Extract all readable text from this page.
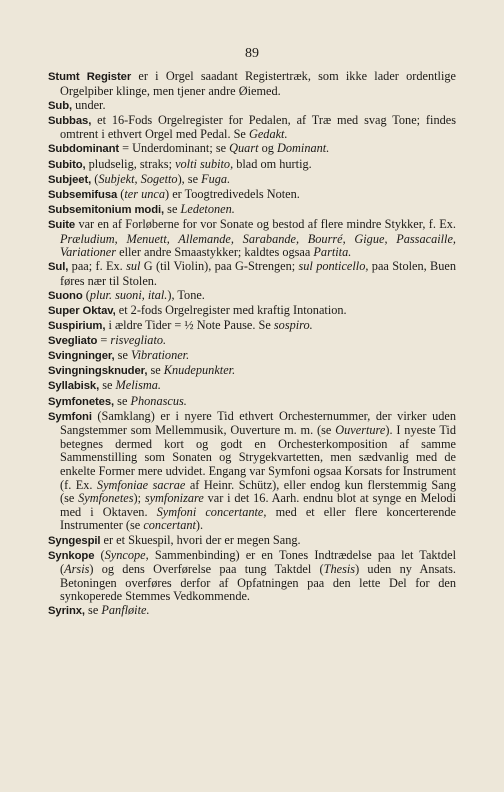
89

Stumt Register er i Orgel saadant Registertræk, som ikke lader ordentlige Orgelpiber klinge, men tjener andre Øiemed.

Sub, under.

Subbas, et 16-Fods Orgelregister for Pedalen, af Træ med svag Tone; findes omtrent i ethvert Orgel med Pedal. Se Gedakt.

Subdominant = Underdominant; se Quart og Dominant.

Subito, pludselig, straks; volti subito, blad om hurtig.

Subjeet, (Subjekt, Sogetto), se Fuga.

Subsemifusa (ter unca) er Toogtredivedels Noten.

Subsemitonium modi, se Ledetonen.

Suite var en af Forløberne for vor Sonate og bestod af flere mindre Stykker, f. Ex. Præludium, Menuett, Allemande, Sarabande, Bourré, Gigue, Passacaille, Variationer eller andre Smaastykker; kaldtes ogsaa Partita.

Sul, paa; f. Ex. sul G (til Violin), paa G-Strengen; sul ponticello, paa Stolen, Buen føres nær til Stolen.

Suono (plur. suoni, ital.), Tone.

Super Oktav, et 2-fods Orgelregister med kraftig Intonation.

Suspirium, i ældre Tider = ½ Note Pause. Se sospiro.

Svegliato = risvegliato.

Svingninger, se Vibrationer.

Svingningsknuder, se Knudepunkter.

Syllabisk, se Melisma.

Symfonetes, se Phonascus.

Symfoni (Samklang) er i nyere Tid ethvert Orchesternummer, der virker uden Sangstemmer som Mellemmusik, Ouverture m. m. (se Ouverture). I nyeste Tid betegnes dermed kort og godt en Orchesterkomposition af samme Sammenstilling som Sonaten og Strygekvartetten, men sædvanlig med de enkelte Former mere udvidet. Engang var Symfoni ogsaa Korsats for Instrument (f. Ex. Symfoniae sacrae af Heinr. Schütz), eller endog kun flerstemmig Sang (se Symfonetes); symfonizare var i det 16. Aarh. endnu blot at synge en Melodi med i Oktaven. Symfoni concertante, med et eller flere koncerterende Instrumenter (se concertant).

Syngespil er et Skuespil, hvori der er megen Sang.

Synkope (Syncope, Sammenbinding) er en Tones Indtrædelse paa let Taktdel (Arsis) og dens Overførelse paa tung Taktdel (Thesis) uden ny Ansats. Betoningen overføres derfor af Opfatningen paa den lette Del for den synkoperede Stemmes Vedkommende.

Syrinx, se Panfløite.
